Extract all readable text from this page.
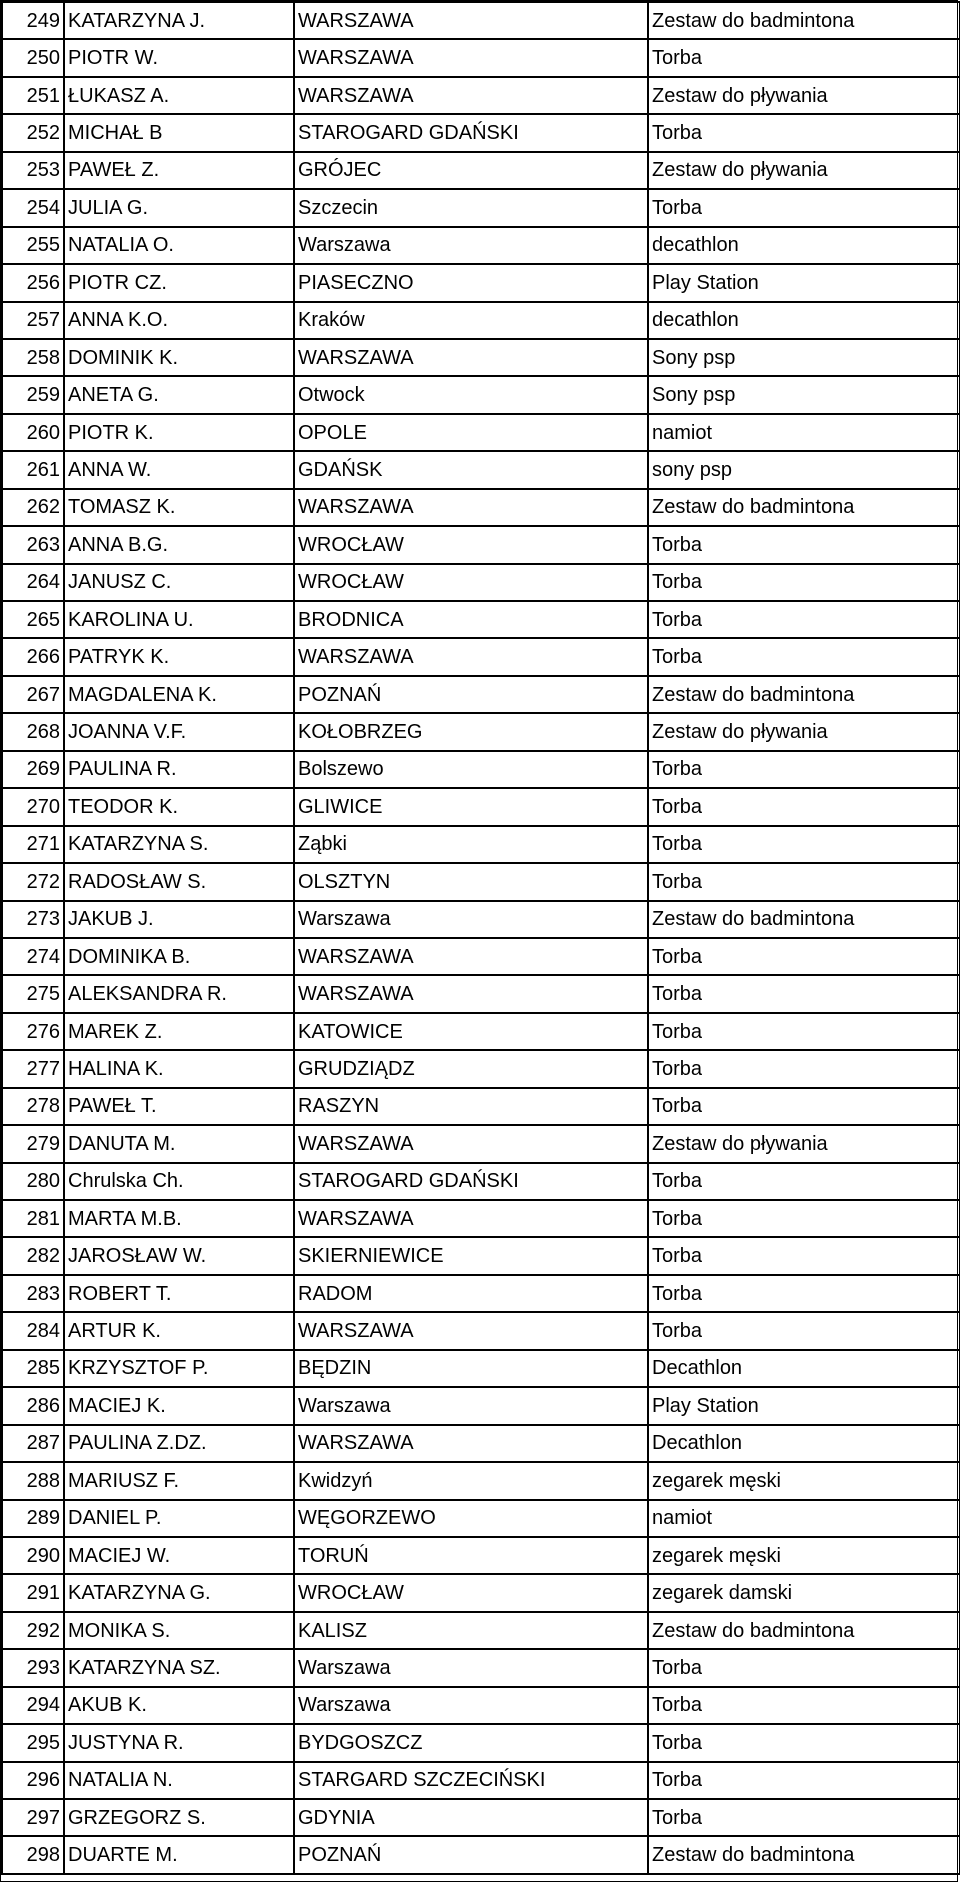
249	KATARZYNA J.	WARSZAWA	Zestaw do badmintona
250	PIOTR W.	WARSZAWA	Torba
251	ŁUKASZ A.	WARSZAWA	Zestaw do pływania
252	MICHAŁ B	STAROGARD GDAŃSKI	Torba
253	PAWEŁ Z.	GRÓJEC	Zestaw do pływania
254	JULIA G.	Szczecin	Torba
255	NATALIA O.	Warszawa	decathlon
256	PIOTR CZ.	PIASECZNO	Play Station
257	ANNA K.O.	Kraków	decathlon
258	DOMINIK K.	WARSZAWA	Sony psp
259	ANETA G.	Otwock	Sony psp
260	PIOTR K.	OPOLE	namiot
261	ANNA W.	GDAŃSK	sony psp
262	TOMASZ K.	WARSZAWA	Zestaw do badmintona
263	ANNA B.G.	WROCŁAW	Torba
264	JANUSZ C.	WROCŁAW	Torba
265	KAROLINA U.	BRODNICA	Torba
266	PATRYK K.	WARSZAWA	Torba
267	MAGDALENA K.	POZNAŃ	Zestaw do badmintona
268	JOANNA V.F.	KOŁOBRZEG	Zestaw do pływania
269	PAULINA R.	Bolszewo	Torba
270	TEODOR K.	GLIWICE	Torba
271	KATARZYNA S.	Ząbki	Torba
272	RADOSŁAW S.	OLSZTYN	Torba
273	JAKUB J.	Warszawa	Zestaw do badmintona
274	DOMINIKA B.	WARSZAWA	Torba
275	ALEKSANDRA R.	WARSZAWA	Torba
276	MAREK Z.	KATOWICE	Torba
277	HALINA K.	GRUDZIĄDZ	Torba
278	PAWEŁ T.	RASZYN	Torba
279	DANUTA M.	WARSZAWA	Zestaw do pływania
280	Chrulska Ch.	STAROGARD GDAŃSKI	Torba
281	MARTA M.B.	WARSZAWA	Torba
282	JAROSŁAW W.	SKIERNIEWICE	Torba
283	ROBERT T.	RADOM	Torba
284	ARTUR K.	WARSZAWA	Torba
285	KRZYSZTOF P.	BĘDZIN	Decathlon
286	MACIEJ K.	Warszawa	Play Station
287	PAULINA Z.DZ.	WARSZAWA	Decathlon
288	MARIUSZ F.	Kwidzyń	zegarek męski
289	DANIEL P.	WĘGORZEWO	namiot
290	MACIEJ W.	TORUŃ	zegarek męski
291	KATARZYNA G.	WROCŁAW	zegarek damski
292	MONIKA S.	KALISZ	Zestaw do badmintona
293	KATARZYNA SZ.	Warszawa	Torba
294	AKUB K.	Warszawa	Torba
295	JUSTYNA R.	BYDGOSZCZ	Torba
296	NATALIA N.	STARGARD SZCZECIŃSKI	Torba
297	GRZEGORZ S.	GDYNIA	Torba
298	DUARTE M.	POZNAŃ	Zestaw do badmintona
